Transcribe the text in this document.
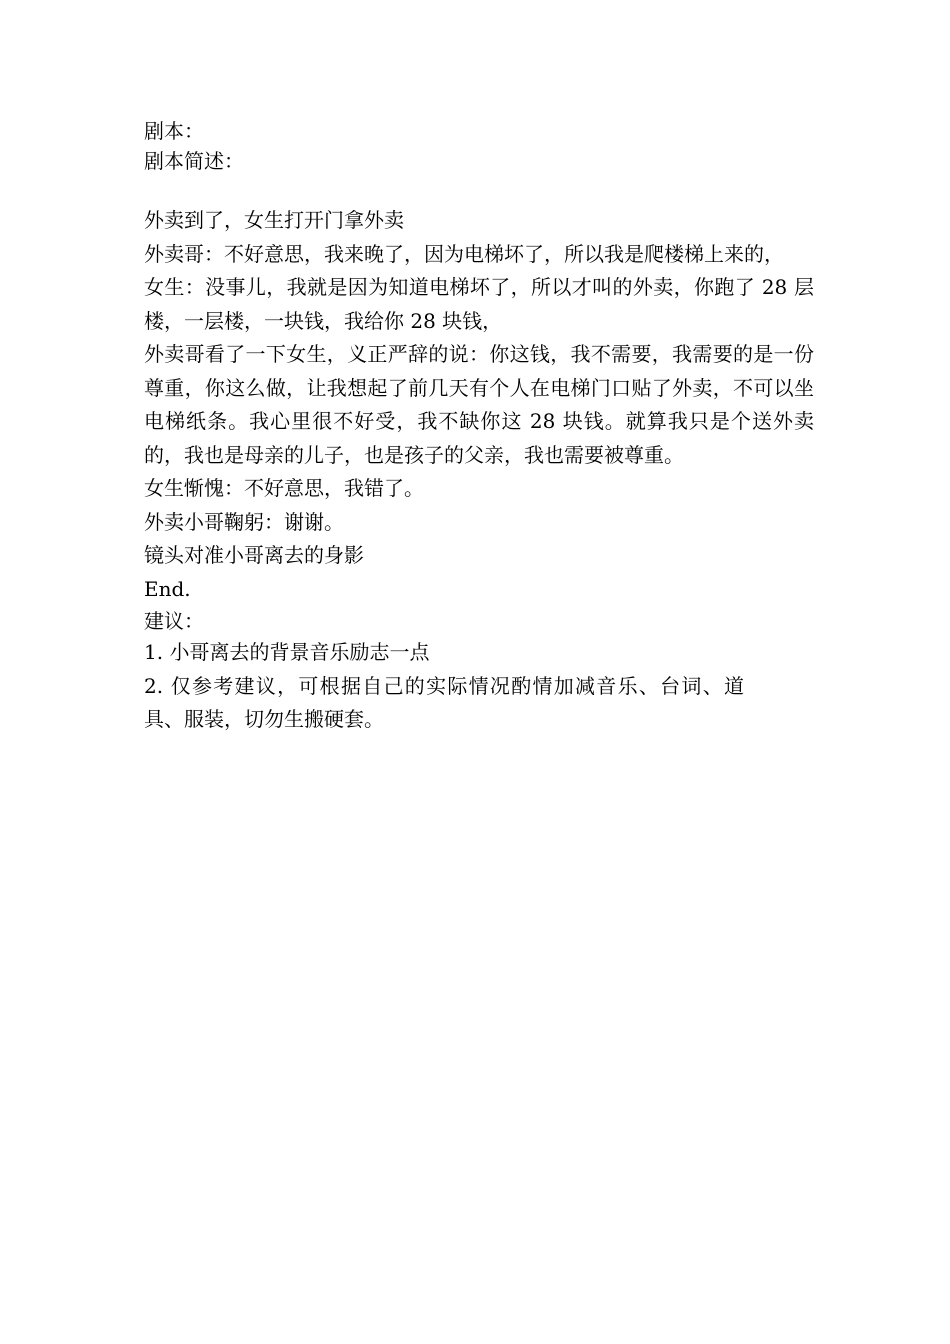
剧本：
剧本简述：
外卖到了，女生打开门拿外卖
外卖哥：不好意思，我来晚了，因为电梯坏了，所以我是爬楼梯上来的，
女生：没事儿，我就是因为知道电梯坏了，所以才叫的外卖，你跑了 28 层楼，一层楼，一块钱，我给你 28 块钱，
外卖哥看了一下女生，义正严辞的说：你这钱，我不需要，我需要的是一份尊重，你这么做，让我想起了前几天有个人在电梯门口贴了外卖，不可以坐电梯纸条。我心里很不好受，我不缺你这 28 块钱。就算我只是个送外卖的，我也是母亲的儿子，也是孩子的父亲，我也需要被尊重。
女生惭愧：不好意思，我错了。
外卖小哥鞠躬：谢谢。
镜头对准小哥离去的身影
End.
建议：
1. 小哥离去的背景音乐励志一点
2. 仅参考建议，可根据自己的实际情况酌情加减音乐、台词、道具、服装，切勿生搬硬套。
